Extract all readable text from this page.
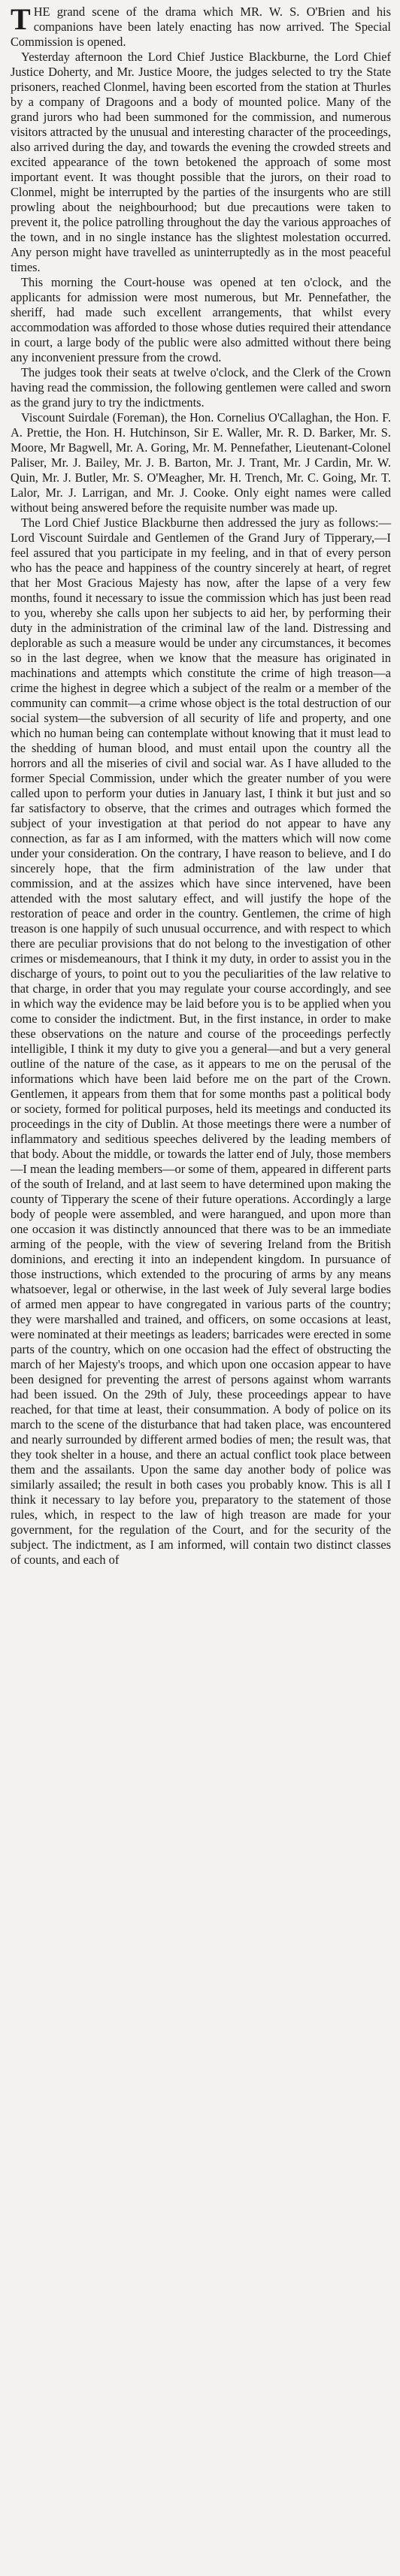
THE grand scene of the drama which MR. W. S. O'Brien and his companions have been lately enacting has now arrived. The Special Commission is opened.

Yesterday afternoon the Lord Chief Justice Blackburne, the Lord Chief Justice Doherty, and Mr. Justice Moore, the judges selected to try the State prisoners, reached Clonmel, having been escorted from the station at Thurles by a company of Dragoons and a body of mounted police. Many of the grand jurors who had been summoned for the commission, and numerous visitors attracted by the unusual and interesting character of the proceedings, also arrived during the day, and towards the evening the crowded streets and excited appearance of the town betokened the approach of some most important event. It was thought possible that the jurors, on their road to Clonmel, might be interrupted by the parties of the insurgents who are still prowling about the neighbourhood; but due precautions were taken to prevent it, the police patrolling throughout the day the various approaches of the town, and in no single instance has the slightest molestation occurred. Any person might have travelled as uninterruptedly as in the most peaceful times.

This morning the Court-house was opened at ten o'clock, and the applicants for admission were most numerous, but Mr. Pennefather, the sheriff, had made such excellent arrangements, that whilst every accommodation was afforded to those whose duties required their attendance in court, a large body of the public were also admitted without there being any inconvenient pressure from the crowd.

The judges took their seats at twelve o'clock, and the Clerk of the Crown having read the commission, the following gentlemen were called and sworn as the grand jury to try the indictments.

Viscount Suirdale (Foreman), the Hon. Cornelius O'Callaghan, the Hon. F. A. Prettie, the Hon. H. Hutchinson, Sir E. Waller, Mr. R. D. Barker, Mr. S. Moore, Mr Bagwell, Mr. A. Goring, Mr. M. Pennefather, Lieutenant-Colonel Paliser, Mr. J. Bailey, Mr. J. B. Barton, Mr. J. Trant, Mr. J Cardin, Mr. W. Quin, Mr. J. Butler, Mr. S. O'Meagher, Mr. H. Trench, Mr. C. Going, Mr. T. Lalor, Mr. J. Larrigan, and Mr. J. Cooke. Only eight names were called without being answered before the requisite number was made up.

The Lord Chief Justice Blackburne then addressed the jury as follows:—Lord Viscount Suirdale and Gentlemen of the Grand Jury of Tipperary,—I feel assured that you participate in my feeling, and in that of every person who has the peace and happiness of the country sincerely at heart, of regret that her Most Gracious Majesty has now, after the lapse of a very few months, found it necessary to issue the commission which has just been read to you, whereby she calls upon her subjects to aid her, by performing their duty in the administration of the criminal law of the land. Distressing and deplorable as such a measure would be under any circumstances, it becomes so in the last degree, when we know that the measure has originated in machinations and attempts which constitute the crime of high treason—a crime the highest in degree which a subject of the realm or a member of the community can commit—a crime whose object is the total destruction of our social system—the subversion of all security of life and property, and one which no human being can contemplate without knowing that it must lead to the shedding of human blood, and must entail upon the country all the horrors and all the miseries of civil and social war. As I have alluded to the former Special Commission, under which the greater number of you were called upon to perform your duties in January last, I think it but just and so far satisfactory to observe, that the crimes and outrages which formed the subject of your investigation at that period do not appear to have any connection, as far as I am informed, with the matters which will now come under your consideration. On the contrary, I have reason to believe, and I do sincerely hope, that the firm administration of the law under that commission, and at the assizes which have since intervened, have been attended with the most salutary effect, and will justify the hope of the restoration of peace and order in the country. Gentlemen, the crime of high treason is one happily of such unusual occurrence, and with respect to which there are peculiar provisions that do not belong to the investigation of other crimes or misdemeanours, that I think it my duty, in order to assist you in the discharge of yours, to point out to you the peculiarities of the law relative to that charge, in order that you may regulate your course accordingly, and see in which way the evidence may be laid before you is to be applied when you come to consider the indictment. But, in the first instance, in order to make these observations on the nature and course of the proceedings perfectly intelligible, I think it my duty to give you a general—and but a very general outline of the nature of the case, as it appears to me on the perusal of the informations which have been laid before me on the part of the Crown. Gentlemen, it appears from them that for some months past a political body or society, formed for political purposes, held its meetings and conducted its proceedings in the city of Dublin. At those meetings there were a number of inflammatory and seditious speeches delivered by the leading members of that body. About the middle, or towards the latter end of July, those members—I mean the leading members—or some of them, appeared in different parts of the south of Ireland, and at last seem to have determined upon making the county of Tipperary the scene of their future operations. Accordingly a large body of people were assembled, and were harangued, and upon more than one occasion it was distinctly announced that there was to be an immediate arming of the people, with the view of severing Ireland from the British dominions, and erecting it into an independent kingdom. In pursuance of those instructions, which extended to the procuring of arms by any means whatsoever, legal or otherwise, in the last week of July several large bodies of armed men appear to have congregated in various parts of the country; they were marshalled and trained, and officers, on some occasions at least, were nominated at their meetings as leaders; barricades were erected in some parts of the country, which on one occasion had the effect of obstructing the march of her Majesty's troops, and which upon one occasion appear to have been designed for preventing the arrest of persons against whom warrants had been issued. On the 29th of July, these proceedings appear to have reached, for that time at least, their consummation. A body of police on its march to the scene of the disturbance that had taken place, was encountered and nearly surrounded by different armed bodies of men; the result was, that they took shelter in a house, and there an actual conflict took place between them and the assailants. Upon the same day another body of police was similarly assailed; the result in both cases you probably know. This is all I think it necessary to lay before you, preparatory to the statement of those rules, which, in respect to the law of high treason are made for your government, for the regulation of the Court, and for the security of the subject. The indictment, as I am informed, will contain two distinct classes of counts, and each of
